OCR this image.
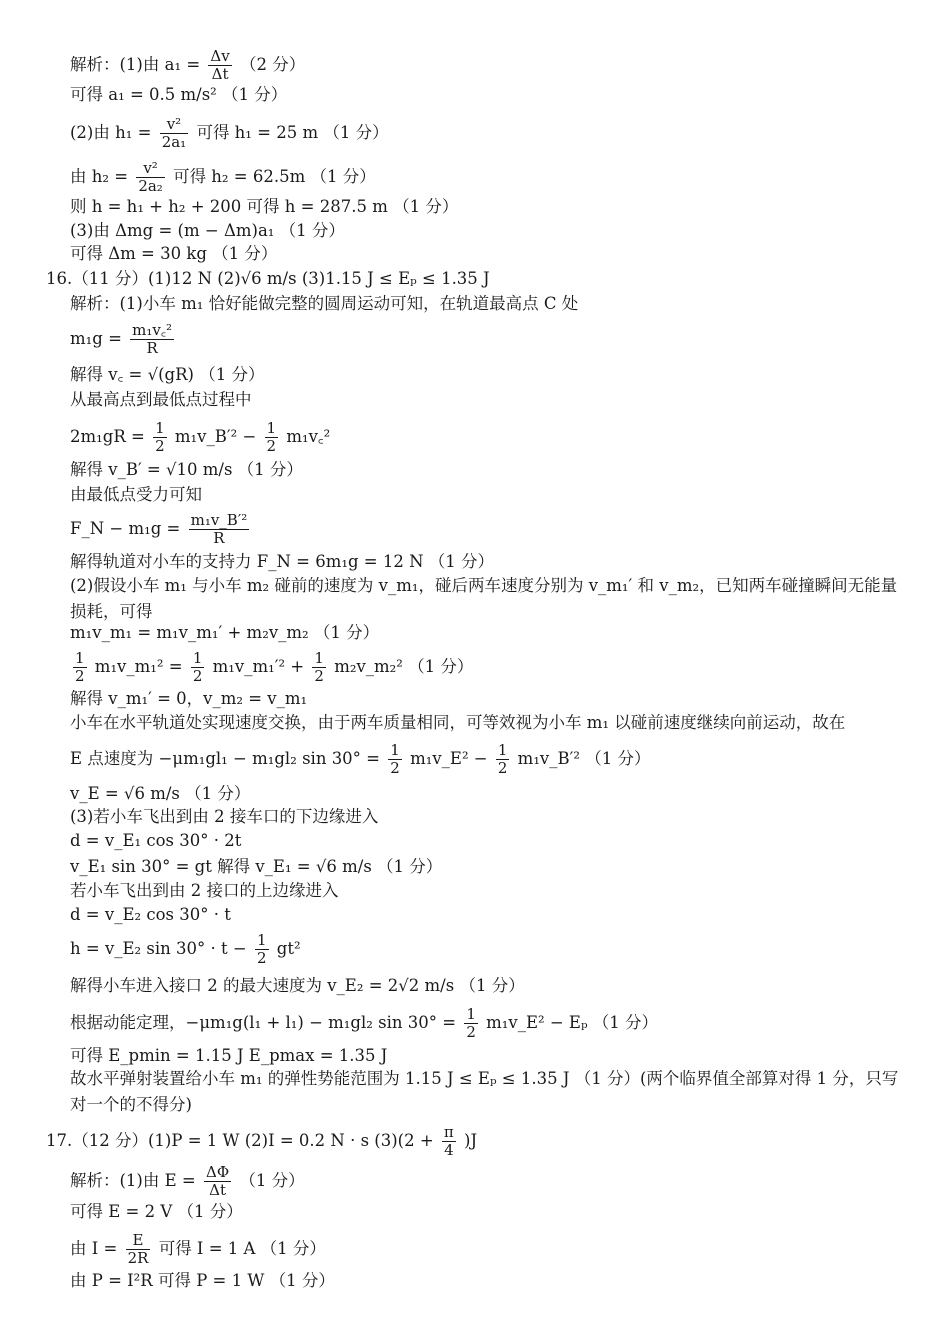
解析：(1)由 $a_1 = \frac{\Delta v}{\Delta t} (2$ 分）
可得 a₁ = 0.5 m/s² （1 分）
(2)由 $h_1 = \frac{\text{v²}}{\text{2a₁}}$ 可得 h₁ = 25 m （1 分）
由 $h_2 = \frac{\text{v²}}{\text{2a₂}}$ 可得 h₂ = 62.5m （1 分）
则 h = h₁ + h₂ + 200 可得 h = 287.5 m （1 分）
(3)由 Δmg = (m − Δm)a₁ （1 分）
可得 Δm = 30 kg （1 分）
16.（11 分）(1)12 N (2)√6 m/s (3)1.15 J ≤ Eₚ ≤ 1.35 J
解析：(1)小车 m₁ 恰好能做完整的圆周运动可知，在轨道最高点 C 处
$m_1g = \frac{\text{m₁v꜀²}}{R}$
解得 v꜀ = √(gR) （1 分）
从最高点到最低点过程中
$2m_1gR = \frac{1}{2}$ m₁v_B′² − $\frac{1}{2}$ m₁v꜀²
解得 v_B′ = √10 m/s （1 分）
由最低点受力可知
F_N − $m_1g = \frac{\text{m₁v\_B′²}}{R}$
解得轨道对小车的支持力 F_N = 6m₁g = 12 N （1 分）
(2)假设小车 m₁ 与小车 m₂ 碰前的速度为 v_m₁，碰后两车速度分别为 v_m₁′ 和 v_m₂，已知两车碰撞瞬间无能量损耗，可得
m₁v_m₁ = m₁v_m₁′ + m₂v_m₂ （1 分）
$\frac{1}{2}$ m₁v_m₁² = $\frac{1}{2}$ m₁v_m₁′² + $\frac{1}{2}$ m₂v_m₂² （1 分）
解得 v_m₁′ = 0，v_m₂ = v_m₁
小车在水平轨道处实现速度交换，由于两车质量相同，可等效视为小车 m₁ 以碰前速度继续向前运动，故在
E 点速度为 −μm₁gl₁ − m₁gl₂ $\sin 30^\circ = \frac{1}{2}$ m₁v_E² − $\frac{1}{2}$ m₁v_B′² （1 分）
v_E = √6 m/s （1 分）
(3)若小车飞出到由 2 接车口的下边缘进入
d = v_E₁ cos 30° · 2t
v_E₁ sin 30° = gt 解得 v_E₁ = √6 m/s （1 分）
若小车飞出到由 2 接口的上边缘进入
d = v_E₂ cos 30° · t
h = v_E₂ $\sin 30^\circ \cdot t - \frac{1}{2} gt^2$
解得小车进入接口 2 的最大速度为 v_E₂ = 2√2 m/s （1 分）
根据动能定理，−μm₁g(l₁ + l₁) − m₁gl₂ $\sin 30^\circ = \frac{1}{2}$ m₁v_E² − Eₚ （1 分）
可得 E_pmin = 1.15 J E_pmax = 1.35 J
故水平弹射装置给小车 m₁ 的弹性势能范围为 1.15 J ≤ Eₚ ≤ 1.35 J （1 分）(两个临界值全部算对得 1 分，只写对一个的不得分)
17.（12 分）(1)P = 1 W (2)I = 0.2 N · s $(3)(2 + \frac{\pi}{4} )J$
解析：(1)由 $E = \frac{\Delta\Phi}{\Delta t} (1$ 分）
可得 E = 2 V （1 分）
由 $I = \frac{E}{2R}$ 可得 I = 1 A （1 分）
由 P = I²R 可得 P = 1 W （1 分）
